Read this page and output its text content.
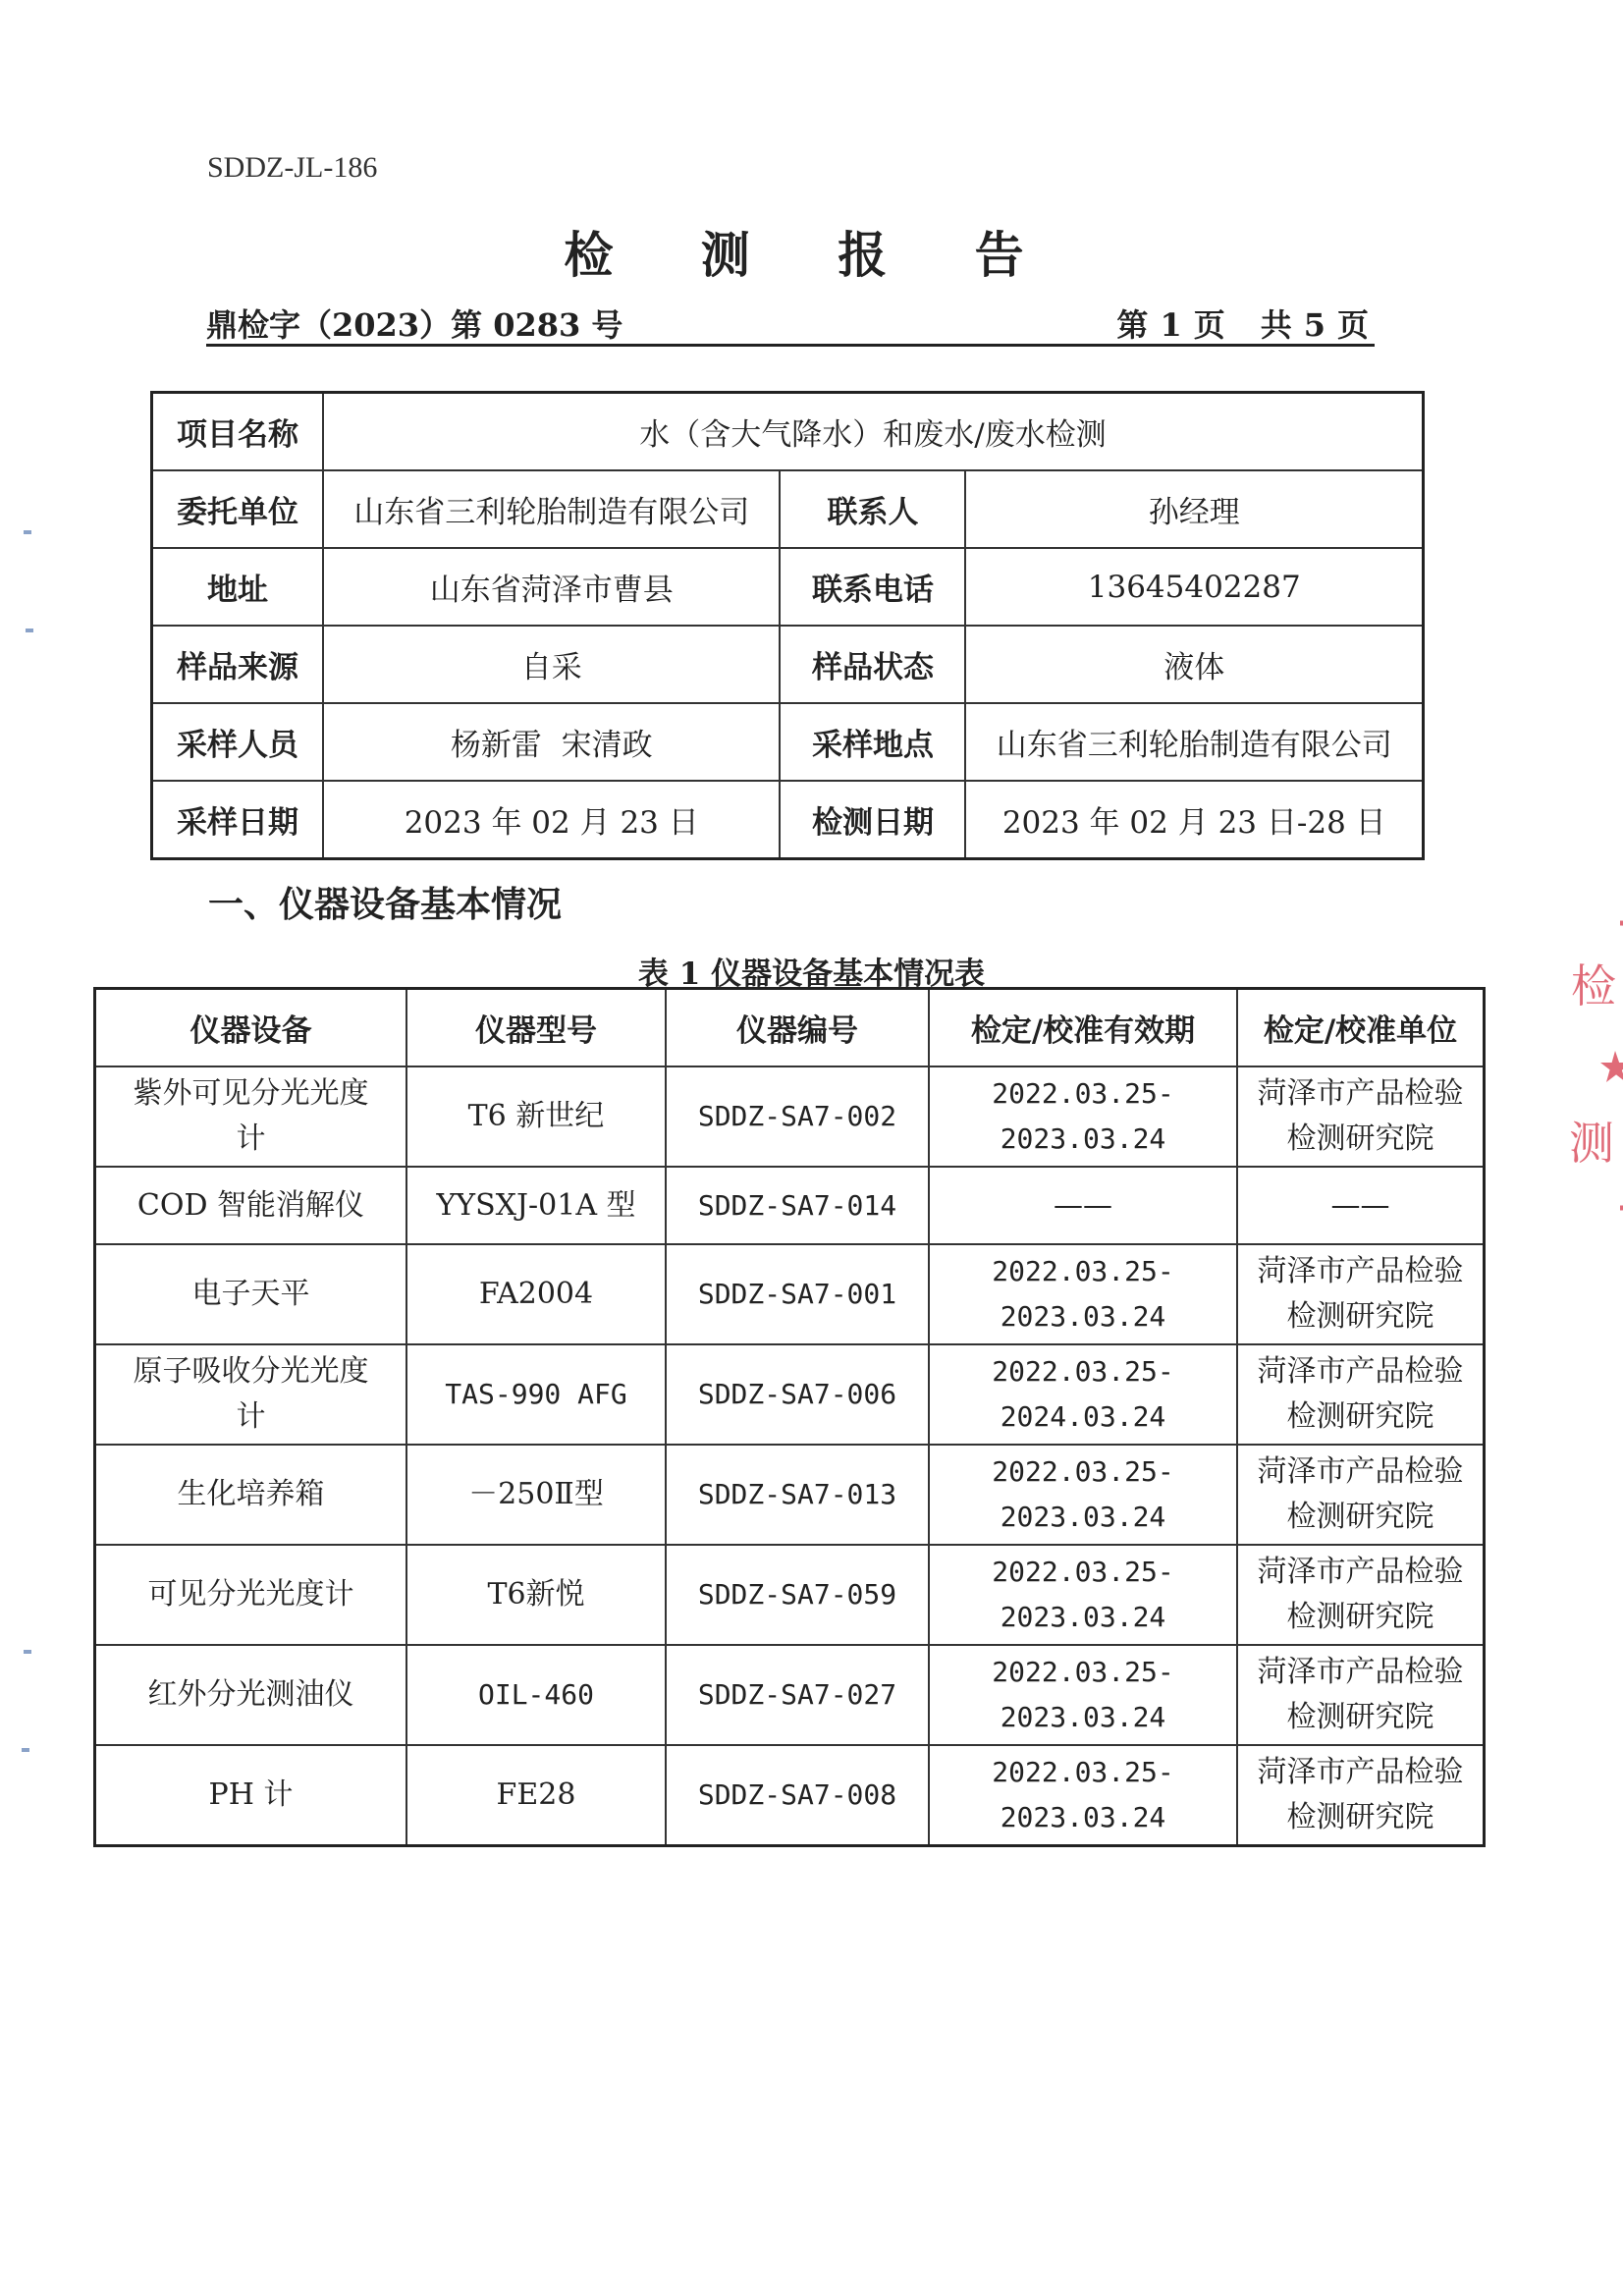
SDDZ-JL-186
检 测 报 告
鼎检字（2023）第 0283 号	第 1 页　共 5 页
项目名称	水（含大气降水）和废水/废水检测		
委托单位	山东省三利轮胎制造有限公司	联系人	孙经理
地址	山东省菏泽市曹县	联系电话	13645402287
样品来源	自采	样品状态	液体
采样人员	杨新雷  宋清政	采样地点	山东省三利轮胎制造有限公司
采样日期	2023 年 02 月 23 日	检测日期	2023 年 02 月 23 日-28 日
一、仪器设备基本情况
表 1 仪器设备基本情况表
仪器设备	仪器型号	仪器编号	检定/校准有效期	检定/校准单位
紫外可见分光光度计	T6 新世纪	SDDZ-SA7-002	2022.03.25-2023.03.24	菏泽市产品检验检测研究院
COD 智能消解仪	YYSXJ-01A 型	SDDZ-SA7-014	——	——
电子天平	FA2004	SDDZ-SA7-001	2022.03.25-2023.03.24	菏泽市产品检验检测研究院
原子吸收分光光度计	TAS-990 AFG	SDDZ-SA7-006	2022.03.25-2024.03.24	菏泽市产品检验检测研究院
生化培养箱	－250Ⅱ型	SDDZ-SA7-013	2022.03.25-2023.03.24	菏泽市产品检验检测研究院
可见分光光度计	T6新悦	SDDZ-SA7-059	2022.03.25-2023.03.24	菏泽市产品检验检测研究院
红外分光测油仪	OIL-460	SDDZ-SA7-027	2022.03.25-2023.03.24	菏泽市产品检验检测研究院
PH 计	FE28	SDDZ-SA7-008	2022.03.25-2023.03.24	菏泽市产品检验检测研究院
检
测
